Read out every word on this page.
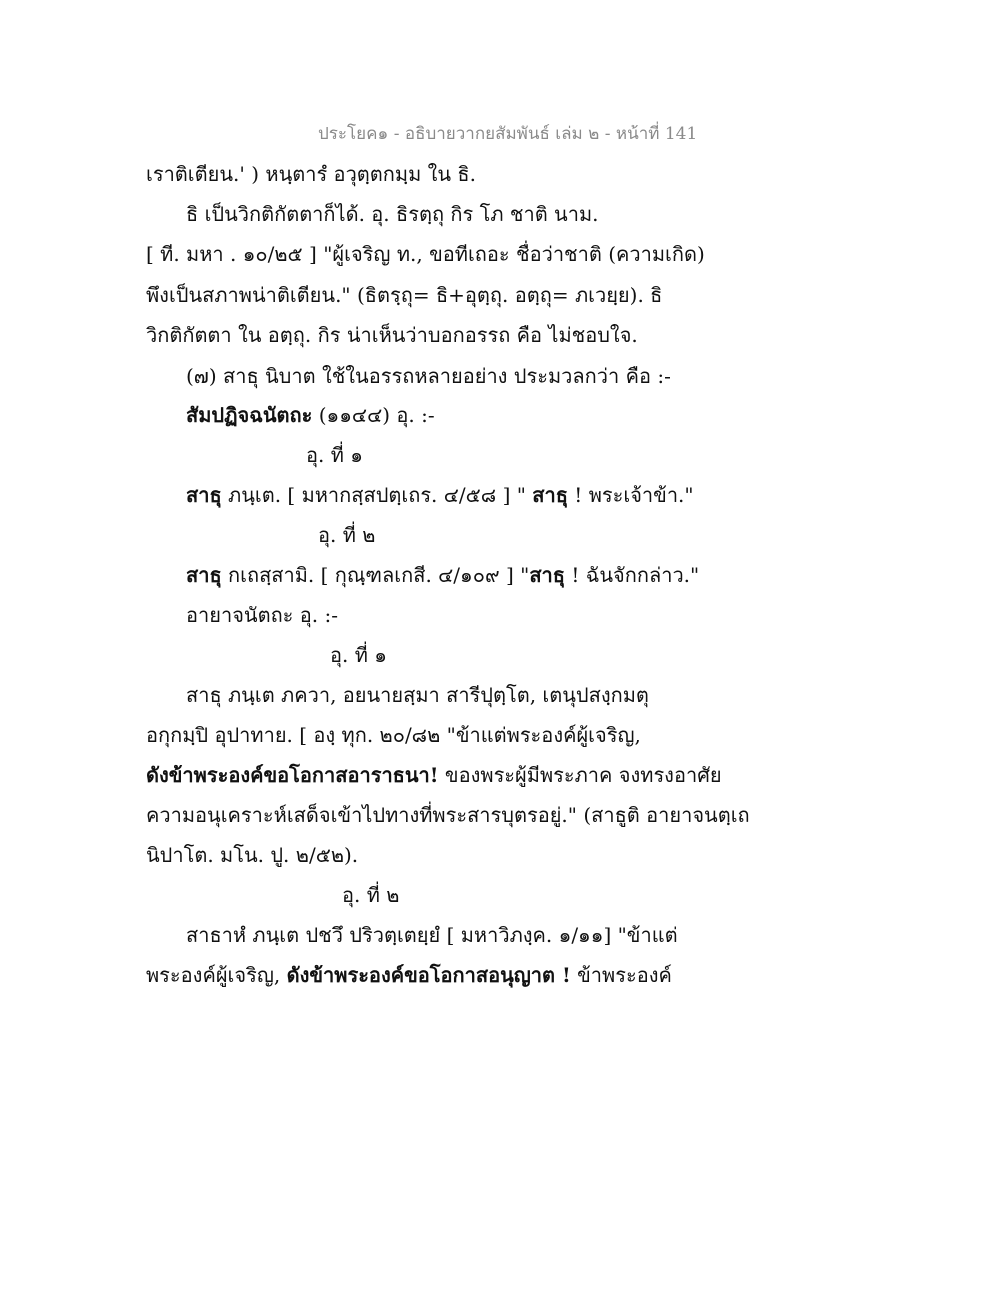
ประโยค๑ - อธิบายวากยสัมพันธ์ เล่ม ๒ - หน้าที่ 141
เราติเตียน.' ) หนฺตารํ อวุตฺตกมฺม ใน ธิ.
ธิ เป็นวิกติกัตตาก็ได้. อุ. ธิรตฺถุ กิร โภ ชาติ นาม.
[ ที. มหา . ๑๐/๒๕ ] "ผู้เจริญ ท., ขอทีเถอะ ชื่อว่าชาติ (ความเกิด)
พึงเป็นสภาพน่าติเตียน." (ธิตรฺถุ= ธิ+อุตฺถุ. อตฺถุ= ภเวยฺย). ธิ
วิกติกัตตา ใน อตฺถุ. กิร น่าเห็นว่าบอกอรรถ คือ ไม่ชอบใจ.
(๗) สาธุ นิบาต ใช้ในอรรถหลายอย่าง ประมวลกว่า คือ :-
สัมปฏิจฉนัตถะ (๑๑๔๔) อุ. :-
อุ. ที่ ๑
สาธุ ภนฺเต. [ มหากสฺสปตฺเถร. ๔/๕๘ ] " สาธุ ! พระเจ้าข้า."
อุ. ที่ ๒
สาธุ กเถสฺสามิ. [ กุณฺฑลเกสี. ๔/๑๐๙ ] "สาธุ ! ฉันจักกล่าว."
อายาจนัตถะ อุ. :-
อุ. ที่ ๑
สาธุ ภนฺเต ภควา, อยนายสฺมา สารีปุตฺโต, เตนุปสงฺกมตุ
อกุกมฺปิ อุปาทาย. [ องฺ ทุก. ๒๐/๘๒ "ข้าแต่พระองค์ผู้เจริญ,
ดังข้าพระองค์ขอโอกาสอาราธนา! ของพระผู้มีพระภาค จงทรงอาศัย
ความอนุเคราะห์เสด็จเข้าไปทางที่พระสารบุตรอยู่." (สาธูติ อายาจนตฺเถ
นิปาโต. มโน. ปู. ๒/๕๒).
อุ. ที่ ๒
สาธาหํ ภนฺเต ปชวึ ปริวตฺเตยฺยํ [ มหาวิภงฺค. ๑/๑๑] "ข้าแต่
พระองค์ผู้เจริญ, ดังข้าพระองค์ขอโอกาสอนุญาต ! ข้าพระองค์
